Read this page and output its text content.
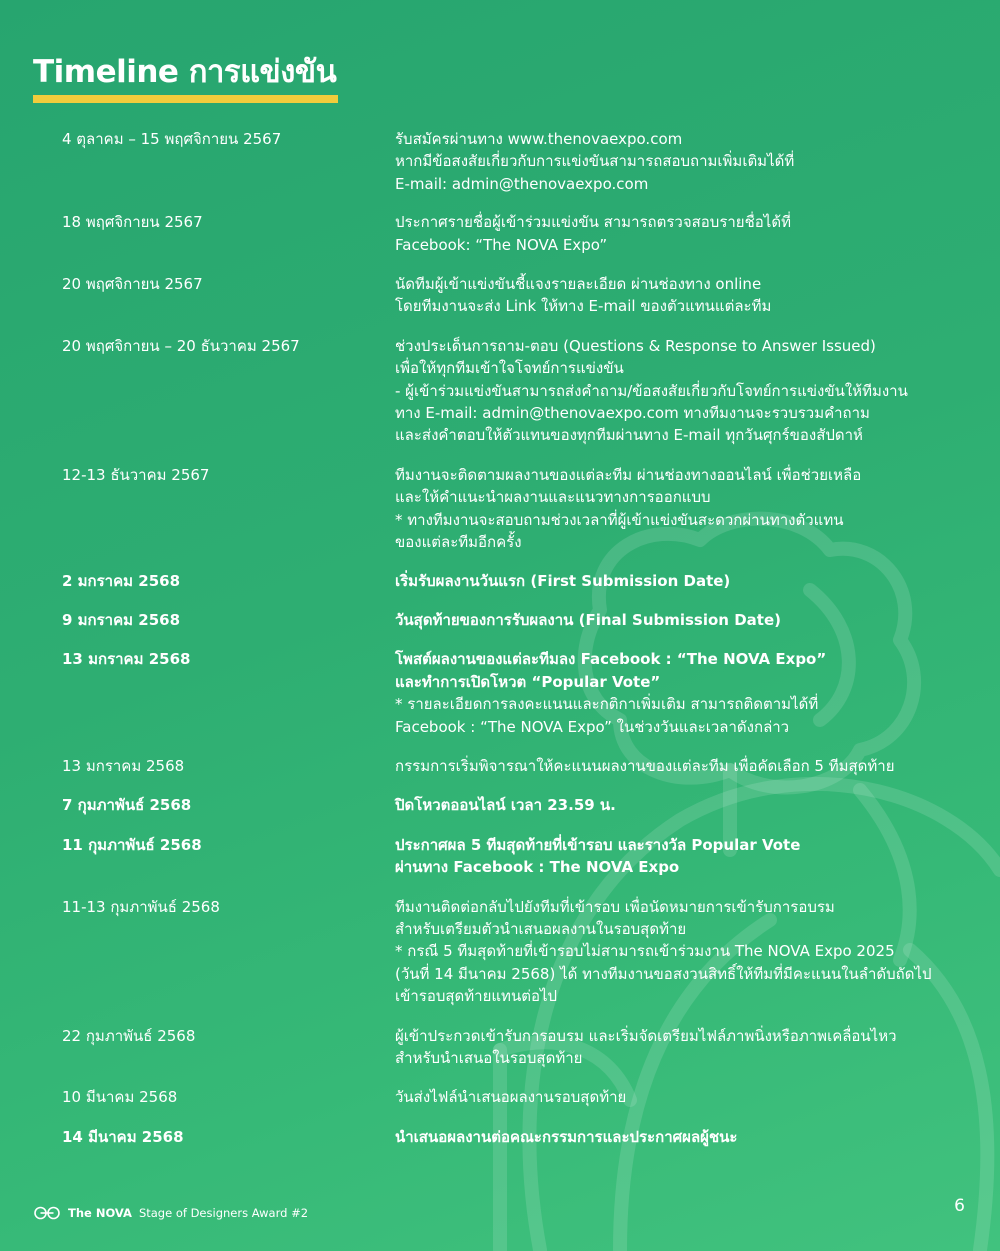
Timeline การแข่งขัน
4 ตุลาคม – 15 พฤศจิกายน 2567	รับสมัครผ่านทาง www.thenovaexpo.com
หากมีข้อสงสัยเกี่ยวกับการแข่งขันสามารถสอบถามเพิ่มเติมได้ที่
E-mail: admin@thenovaexpo.com
18 พฤศจิกายน 2567	ประกาศรายชื่อผู้เข้าร่วมแข่งขัน สามารถตรวจสอบรายชื่อได้ที่
Facebook: “The NOVA Expo”
20 พฤศจิกายน 2567	นัดทีมผู้เข้าแข่งขันชี้แจงรายละเอียด ผ่านช่องทาง online
โดยทีมงานจะส่ง Link ให้ทาง E-mail ของตัวแทนแต่ละทีม
20 พฤศจิกายน – 20 ธันวาคม 2567	ช่วงประเด็นการถาม-ตอบ (Questions & Response to Answer Issued)
เพื่อให้ทุกทีมเข้าใจโจทย์การแข่งขัน
- ผู้เข้าร่วมแข่งขันสามารถส่งคำถาม/ข้อสงสัยเกี่ยวกับโจทย์การแข่งขันให้ทีมงาน
ทาง E-mail: admin@thenovaexpo.com ทางทีมงานจะรวบรวมคำถาม
และส่งคำตอบให้ตัวแทนของทุกทีมผ่านทาง E-mail ทุกวันศุกร์ของสัปดาห์
12-13 ธันวาคม 2567	ทีมงานจะติดตามผลงานของแต่ละทีม ผ่านช่องทางออนไลน์ เพื่อช่วยเหลือ
และให้คำแนะนำผลงานและแนวทางการออกแบบ
* ทางทีมงานจะสอบถามช่วงเวลาที่ผู้เข้าแข่งขันสะดวกผ่านทางตัวแทน
ของแต่ละทีมอีกครั้ง
2 มกราคม 2568	เริ่มรับผลงานวันแรก (First Submission Date)
9 มกราคม 2568	วันสุดท้ายของการรับผลงาน (Final Submission Date)
13 มกราคม 2568	โพสต์ผลงานของแต่ละทีมลง Facebook : “The NOVA Expo”
และทำการเปิดโหวต “Popular Vote”
* รายละเอียดการลงคะแนนและกติกาเพิ่มเติม สามารถติดตามได้ที่
Facebook : “The NOVA Expo” ในช่วงวันและเวลาดังกล่าว
13 มกราคม 2568	กรรมการเริ่มพิจารณาให้คะแนนผลงานของแต่ละทีม เพื่อคัดเลือก 5 ทีมสุดท้าย
7 กุมภาพันธ์ 2568	ปิดโหวตออนไลน์ เวลา 23.59 น.
11 กุมภาพันธ์ 2568	ประกาศผล 5 ทีมสุดท้ายที่เข้ารอบ และรางวัล Popular Vote
ผ่านทาง Facebook : The NOVA Expo
11-13 กุมภาพันธ์ 2568	ทีมงานติดต่อกลับไปยังทีมที่เข้ารอบ เพื่อนัดหมายการเข้ารับการอบรม
สำหรับเตรียมตัวนำเสนอผลงานในรอบสุดท้าย
* กรณี 5 ทีมสุดท้ายที่เข้ารอบไม่สามารถเข้าร่วมงาน The NOVA Expo 2025
(วันที่ 14 มีนาคม 2568) ได้ ทางทีมงานขอสงวนสิทธิ์ให้ทีมที่มีคะแนนในลำดับถัดไป
เข้ารอบสุดท้ายแทนต่อไป
22 กุมภาพันธ์ 2568	ผู้เข้าประกวดเข้ารับการอบรม และเริ่มจัดเตรียมไฟล์ภาพนิ่งหรือภาพเคลื่อนไหว
สำหรับนำเสนอในรอบสุดท้าย
10 มีนาคม 2568	วันส่งไฟล์นำเสนอผลงานรอบสุดท้าย
14 มีนาคม 2568	นำเสนอผลงานต่อคณะกรรมการและประกาศผลผู้ชนะ
The NOVA Stage of Designers Award #2	6
